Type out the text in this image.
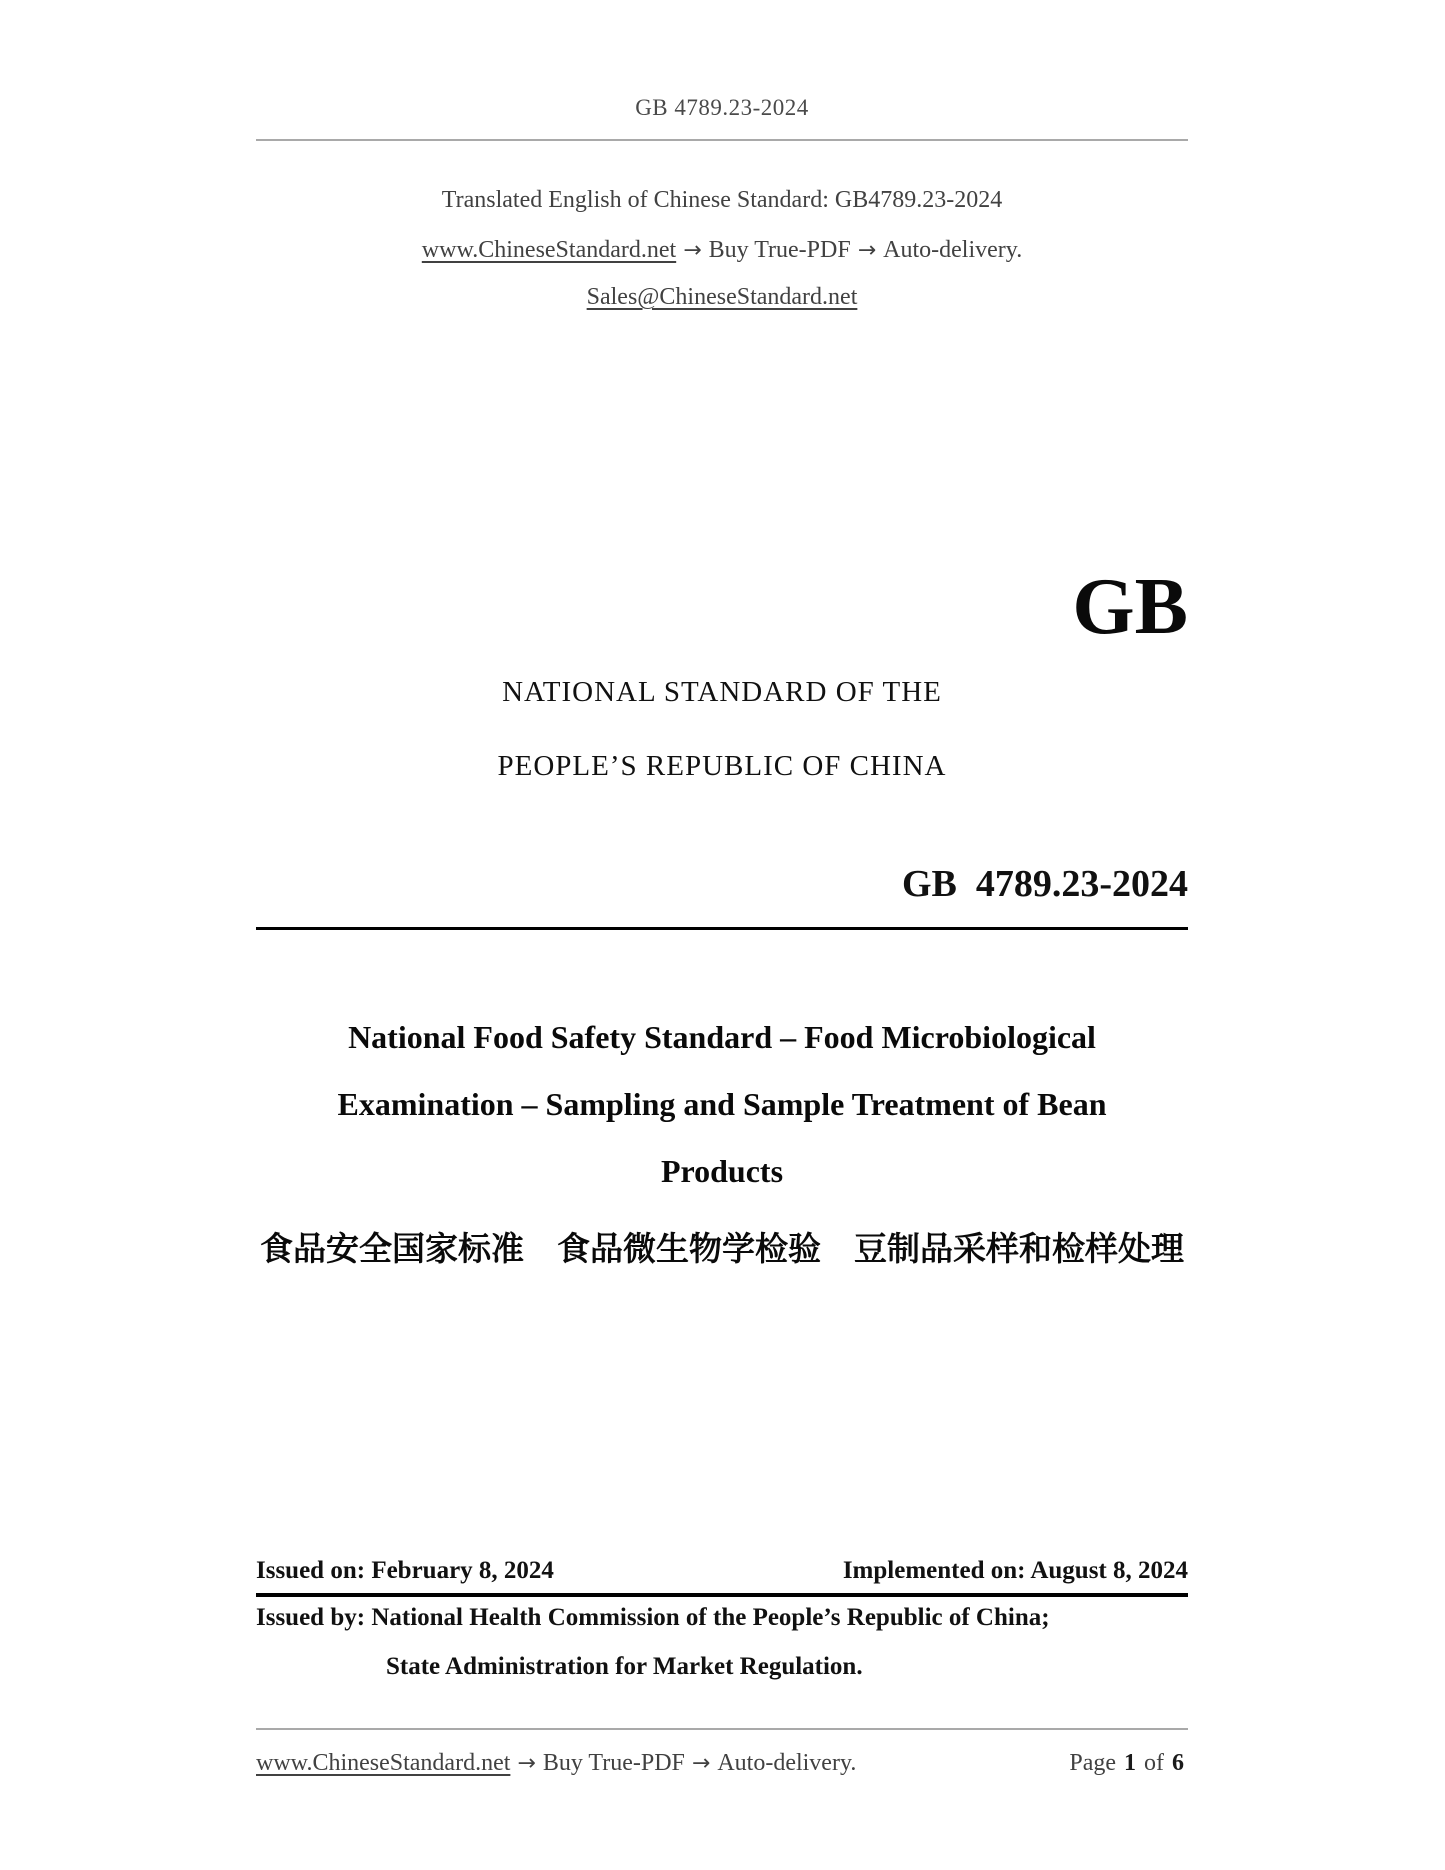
GB 4789.23-2024
Translated English of Chinese Standard: GB4789.23-2024
www.ChineseStandard.net → Buy True-PDF → Auto-delivery.
Sales@ChineseStandard.net
GB
NATIONAL STANDARD OF THE
PEOPLE’S REPUBLIC OF CHINA
GB  4789.23-2024
National Food Safety Standard – Food Microbiological
Examination – Sampling and Sample Treatment of Bean
Products
食品安全国家标准　食品微生物学检验　豆制品采样和检样处理
Issued on: February 8, 2024	Implemented on: August 8, 2024
Issued by: National Health Commission of the People’s Republic of China;
State Administration for Market Regulation.
www.ChineseStandard.net → Buy True-PDF → Auto-delivery.	Page 1 of 6
